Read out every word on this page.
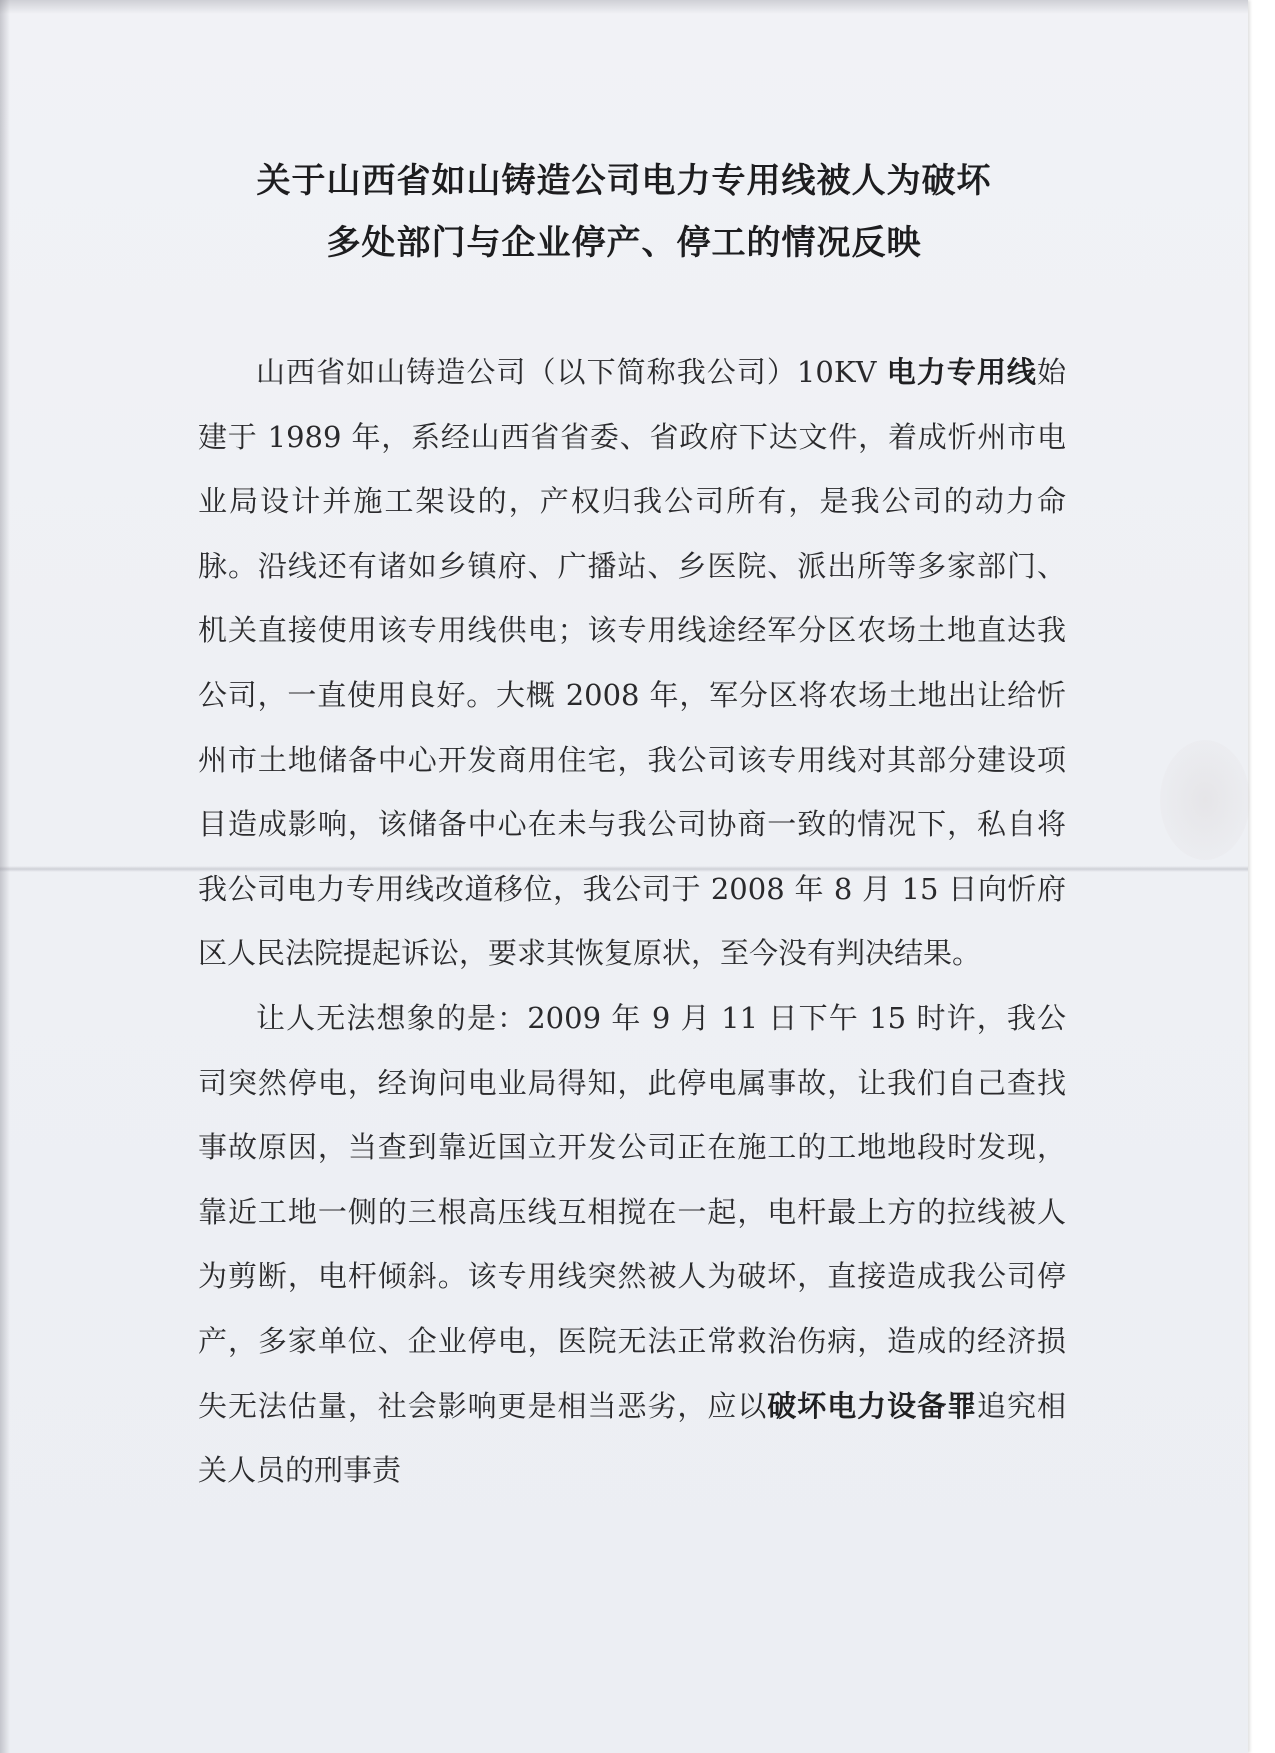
关于山西省如山铸造公司电力专用线被人为破坏
多处部门与企业停产、停工的情况反映

山西省如山铸造公司（以下简称我公司）10KV 电力专用线始建于 1989 年，系经山西省省委、省政府下达文件，着成忻州市电业局设计并施工架设的，产权归我公司所有，是我公司的动力命脉。沿线还有诸如乡镇府、广播站、乡医院、派出所等多家部门、机关直接使用该专用线供电；该专用线途经军分区农场土地直达我公司，一直使用良好。大概 2008 年，军分区将农场土地出让给忻州市土地储备中心开发商用住宅，我公司该专用线对其部分建设项目造成影响，该储备中心在未与我公司协商一致的情况下，私自将我公司电力专用线改道移位，我公司于 2008 年 8 月 15 日向忻府区人民法院提起诉讼，要求其恢复原状，至今没有判决结果。

让人无法想象的是：2009 年 9 月 11 日下午 15 时许，我公司突然停电，经询问电业局得知，此停电属事故，让我们自己查找事故原因，当查到靠近国立开发公司正在施工的工地地段时发现，靠近工地一侧的三根高压线互相搅在一起，电杆最上方的拉线被人为剪断，电杆倾斜。该专用线突然被人为破坏，直接造成我公司停产，多家单位、企业停电，医院无法正常救治伤病，造成的经济损失无法估量，社会影响更是相当恶劣，应以破坏电力设备罪追究相关人员的刑事责
